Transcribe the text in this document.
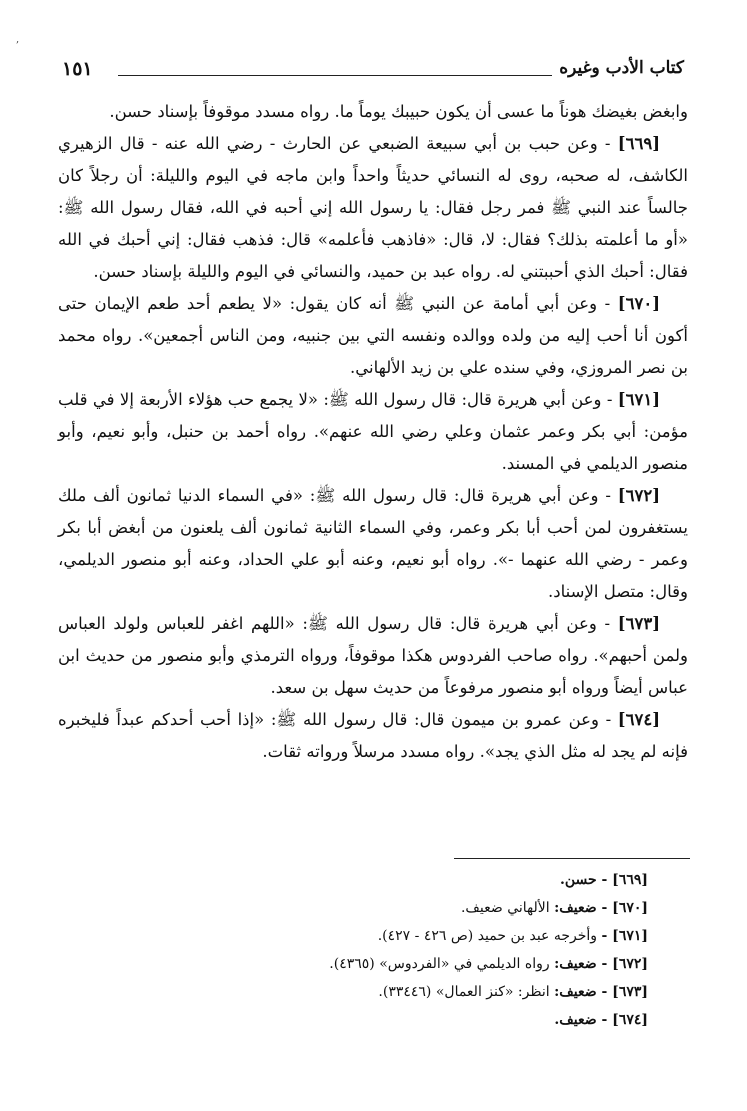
,
كتاب الأدب وغيره
١٥١

وابغض بغيضك هوناً ما عسى أن يكون حبيبك يوماً ما. رواه مسدد موقوفاً بإسناد حسن.

[٦٦٩] - وعن حبب بن أبي سبيعة الضبعي عن الحارث - رضي الله عنه - قال الزهيري الكاشف، له صحبه، روى له النسائي حديثاً واحداً وابن ماجه في اليوم والليلة: أن رجلاً كان جالساً عند النبي ﷺ فمر رجل فقال: يا رسول الله إني أحبه في الله، فقال رسول الله ﷺ: «أو ما أعلمته بذلك؟ فقال: لا، قال: «فاذهب فأعلمه» قال: فذهب فقال: إني أحبك في الله فقال: أحبك الذي أحببتني له. رواه عبد بن حميد، والنسائي في اليوم والليلة بإسناد حسن.

[٦٧٠] - وعن أبي أمامة عن النبي ﷺ أنه كان يقول: «لا يطعم أحد طعم الإيمان حتى أكون أنا أحب إليه من ولده ووالده ونفسه التي بين جنبيه، ومن الناس أجمعين». رواه محمد بن نصر المروزي، وفي سنده علي بن زيد الألهاني.

[٦٧١] - وعن أبي هريرة قال: قال رسول الله ﷺ: «لا يجمع حب هؤلاء الأربعة إلا في قلب مؤمن: أبي بكر وعمر عثمان وعلي رضي الله عنهم». رواه أحمد بن حنبل، وأبو نعيم، وأبو منصور الديلمي في المسند.

[٦٧٢] - وعن أبي هريرة قال: قال رسول الله ﷺ: «في السماء الدنيا ثمانون ألف ملك يستغفرون لمن أحب أبا بكر وعمر، وفي السماء الثانية ثمانون ألف يلعنون من أبغض أبا بكر وعمر - رضي الله عنهما -». رواه أبو نعيم، وعنه أبو علي الحداد، وعنه أبو منصور الديلمي، وقال: متصل الإسناد.

[٦٧٣] - وعن أبي هريرة قال: قال رسول الله ﷺ: «اللهم اغفر للعباس ولولد العباس ولمن أحبهم». رواه صاحب الفردوس هكذا موقوفاً، ورواه الترمذي وأبو منصور من حديث ابن عباس أيضاً ورواه أبو منصور مرفوعاً من حديث سهل بن سعد.

[٦٧٤] - وعن عمرو بن ميمون قال: قال رسول الله ﷺ: «إذا أحب أحدكم عبداً فليخبره فإنه لم يجد له مثل الذي يجد». رواه مسدد مرسلاً ورواته ثقات.

[٦٦٩] - حسن.
[٦٧٠] - ضعيف: الألهاني ضعيف.
[٦٧١] - وأخرجه عبد بن حميد (ص ٤٢٦ - ٤٢٧).
[٦٧٢] - ضعيف: رواه الديلمي في «الفردوس» (٤٣٦٥).
[٦٧٣] - ضعيف: انظر: «كنز العمال» (٣٣٤٤٦).
[٦٧٤] - ضعيف.
